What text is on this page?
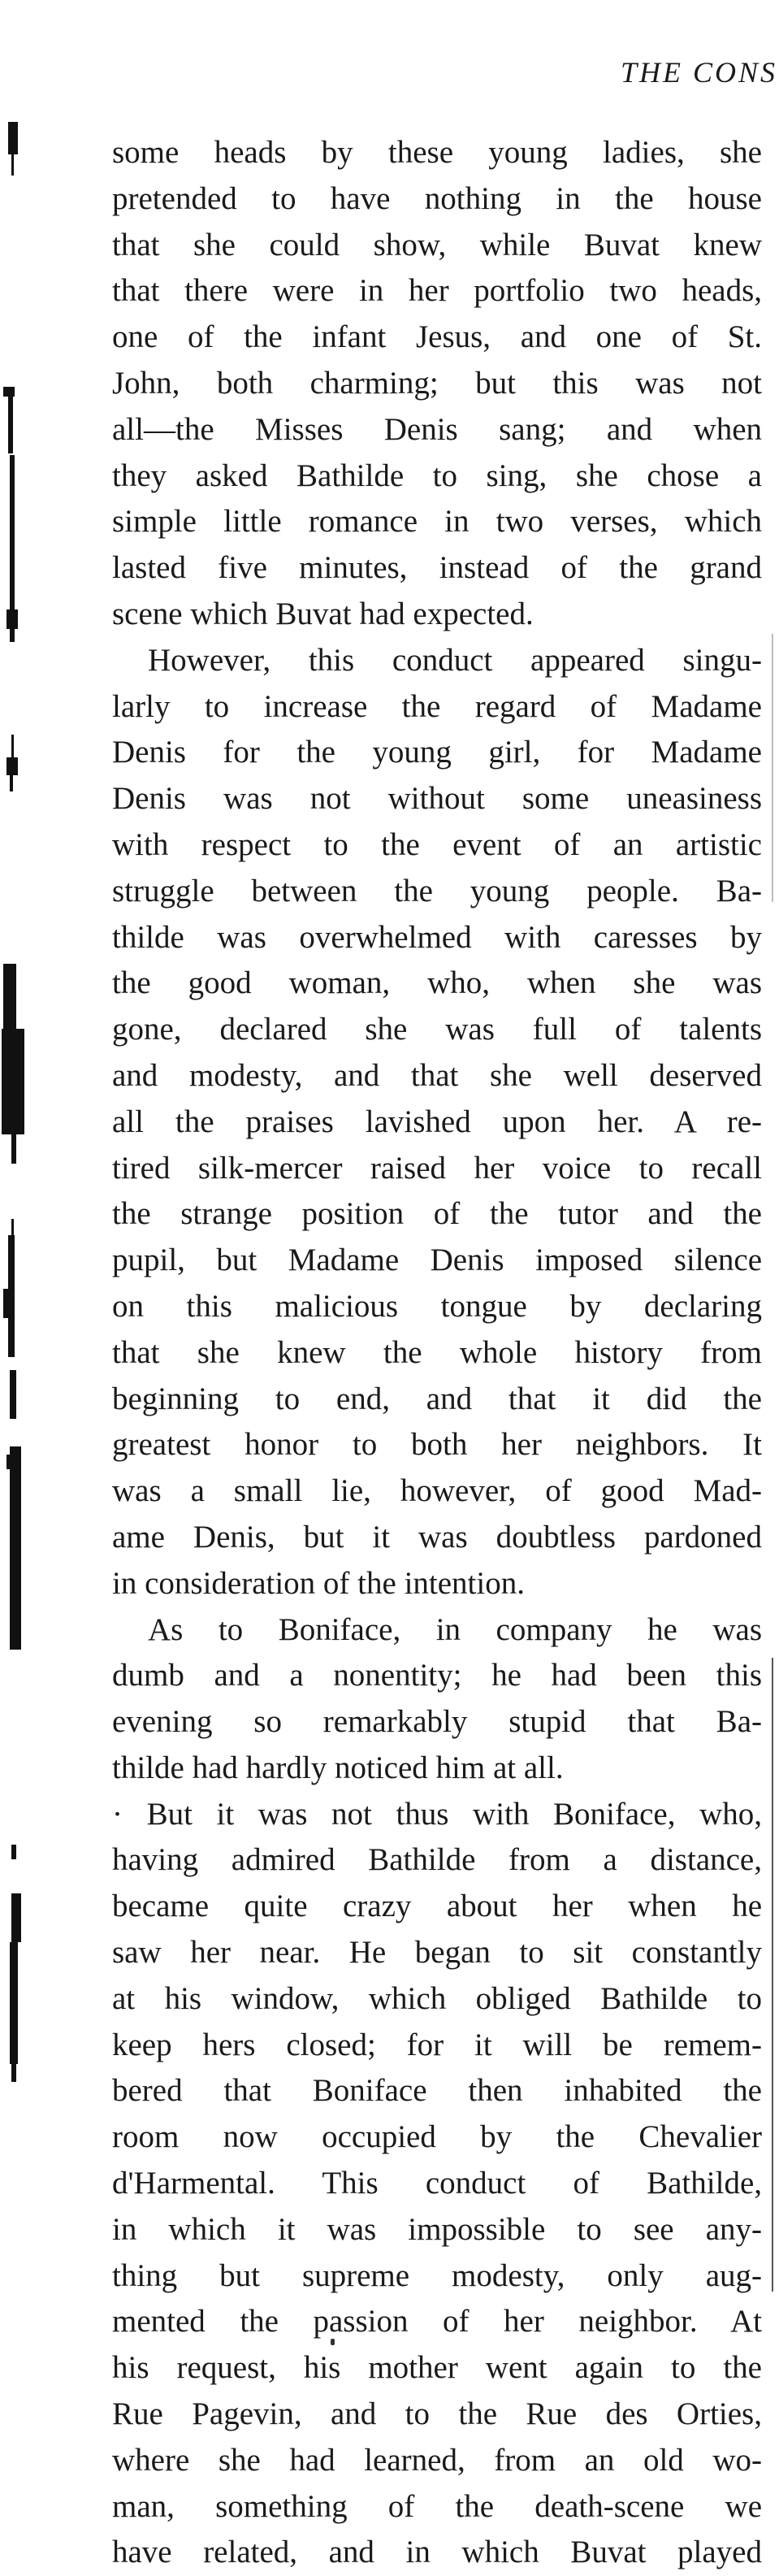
THE CONS
some heads by these young ladies, she
pretended to have nothing in the house
that she could show, while Buvat knew
that there were in her portfolio two heads,
one of the infant Jesus, and one of St.
John, both charming; but this was not
all—the Misses Denis sang; and when
they asked Bathilde to sing, she chose a
simple little romance in two verses, which
lasted five minutes, instead of the grand
scene which Buvat had expected.
However, this conduct appeared singu-
larly to increase the regard of Madame
Denis for the young girl, for Madame
Denis was not without some uneasiness
with respect to the event of an artistic
struggle between the young people. Ba-
thilde was overwhelmed with caresses by
the good woman, who, when she was
gone, declared she was full of talents
and modesty, and that she well deserved
all the praises lavished upon her. A re-
tired silk-mercer raised her voice to recall
the strange position of the tutor and the
pupil, but Madame Denis imposed silence
on this malicious tongue by declaring
that she knew the whole history from
beginning to end, and that it did the
greatest honor to both her neighbors. It
was a small lie, however, of good Mad-
ame Denis, but it was doubtless pardoned
in consideration of the intention.
As to Boniface, in company he was
dumb and a nonentity; he had been this
evening so remarkably stupid that Ba-
thilde had hardly noticed him at all.
· But it was not thus with Boniface, who,
having admired Bathilde from a distance,
became quite crazy about her when he
saw her near. He began to sit constantly
at his window, which obliged Bathilde to
keep hers closed; for it will be remem-
bered that Boniface then inhabited the
room now occupied by the Chevalier
d'Harmental. This conduct of Bathilde,
in which it was impossible to see any-
thing but supreme modesty, only aug-
mented the passion of her neighbor. At
his request, his mother went again to the
Rue Pagevin, and to the Rue des Orties,
where she had learned, from an old wo-
man, something of the death-scene we
have related, and in which Buvat played
